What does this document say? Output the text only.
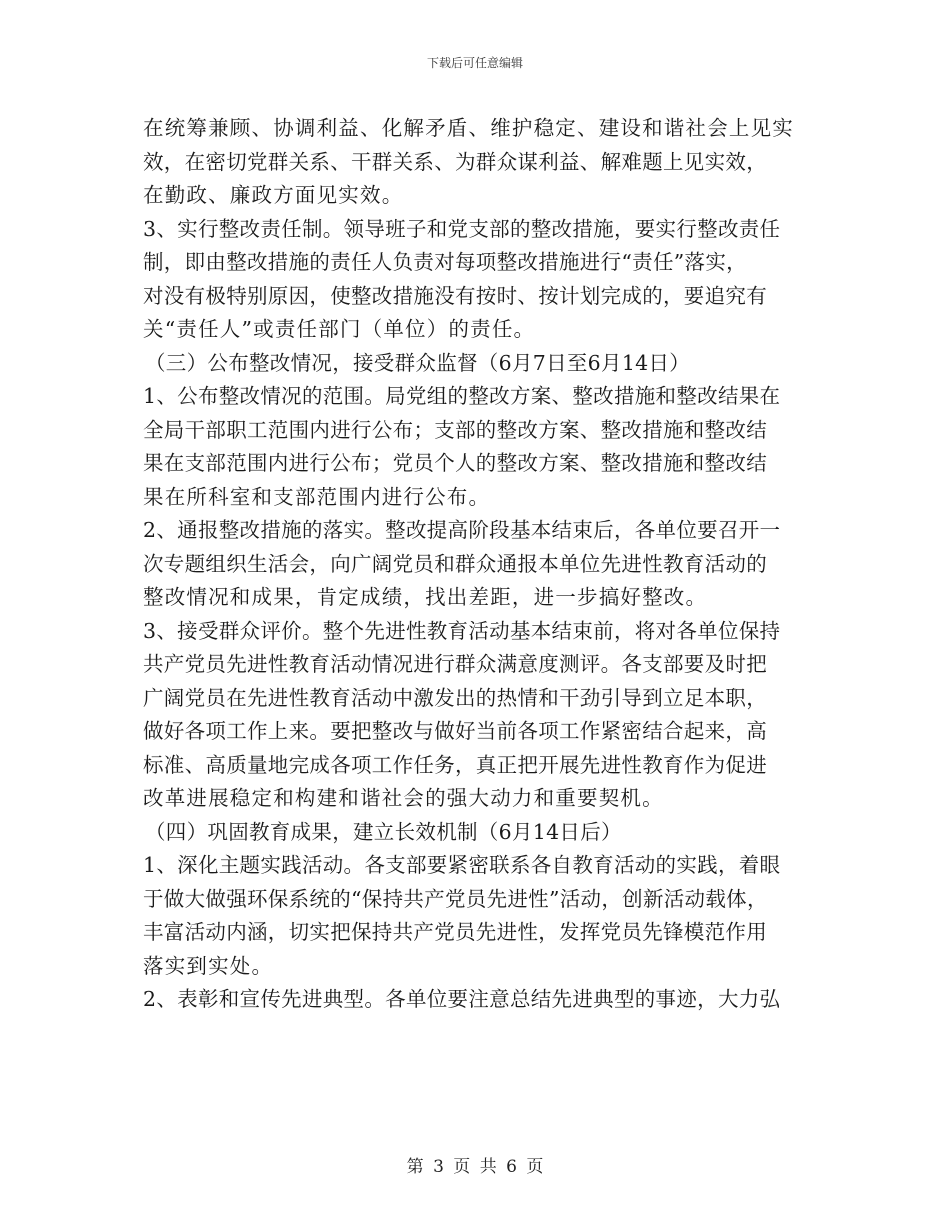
下载后可任意编辑
在统筹兼顾、协调利益、化解矛盾、维护稳定、建设和谐社会上见实
效，在密切党群关系、干群关系、为群众谋利益、解难题上见实效，
在勤政、廉政方面见实效。
3、实行整改责任制。领导班子和党支部的整改措施，要实行整改责任
制，即由整改措施的责任人负责对每项整改措施进行“责任”落实，
对没有极特别原因，使整改措施没有按时、按计划完成的，要追究有
关“责任人”或责任部门（单位）的责任。
（三）公布整改情况，接受群众监督（6月7日至6月14日）
1、公布整改情况的范围。局党组的整改方案、整改措施和整改结果在
全局干部职工范围内进行公布；支部的整改方案、整改措施和整改结
果在支部范围内进行公布；党员个人的整改方案、整改措施和整改结
果在所科室和支部范围内进行公布。
2、通报整改措施的落实。整改提高阶段基本结束后，各单位要召开一
次专题组织生活会，向广阔党员和群众通报本单位先进性教育活动的
整改情况和成果，肯定成绩，找出差距，进一步搞好整改。
3、接受群众评价。整个先进性教育活动基本结束前，将对各单位保持
共产党员先进性教育活动情况进行群众满意度测评。各支部要及时把
广阔党员在先进性教育活动中激发出的热情和干劲引导到立足本职，
做好各项工作上来。要把整改与做好当前各项工作紧密结合起来，高
标准、高质量地完成各项工作任务，真正把开展先进性教育作为促进
改革进展稳定和构建和谐社会的强大动力和重要契机。
（四）巩固教育成果，建立长效机制（6月14日后）
1、深化主题实践活动。各支部要紧密联系各自教育活动的实践，着眼
于做大做强环保系统的“保持共产党员先进性”活动，创新活动载体，
丰富活动内涵，切实把保持共产党员先进性，发挥党员先锋模范作用
落实到实处。
2、表彰和宣传先进典型。各单位要注意总结先进典型的事迹，大力弘
第 3 页 共 6 页
